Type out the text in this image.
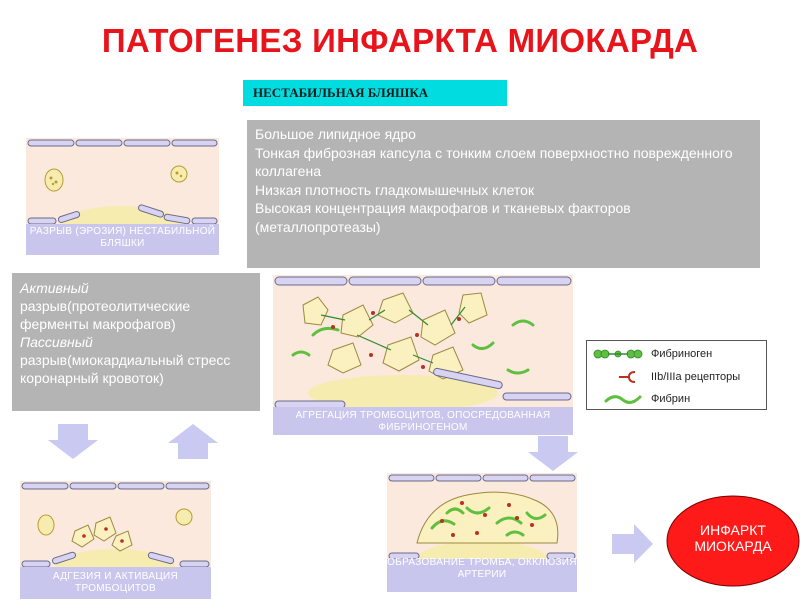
ПАТОГЕНЕЗ ИНФАРКТА МИОКАРДА
НЕСТАБИЛЬНАЯ БЛЯШКА
Большое липидное ядро
Тонкая фиброзная капсула с тонким слоем поверхностно поврежденного коллагена
Низкая плотность гладкомышечных клеток
Высокая концентрация макрофагов и тканевых факторов (металлопротеазы)
Активный
разрыв(протеолитические ферменты макрофагов)
Пассивный
разрыв(миокардиальный стресс коронарный кровоток)
РАЗРЫВ (ЭРОЗИЯ) НЕСТАБИЛЬНОЙ БЛЯШКИ
АГРЕГАЦИЯ ТРОМБОЦИТОВ, ОПОСРЕДОВАННАЯ ФИБРИНОГЕНОМ
Фибриноген
IIb/IIIa рецепторы
Фибрин
АДГЕЗИЯ И АКТИВАЦИЯ ТРОМБОЦИТОВ
ОБРАЗОВАНИЕ ТРОМБА, ОККЛЮЗИЯ АРТЕРИИ
ИНФАРКТ МИОКАРДА
